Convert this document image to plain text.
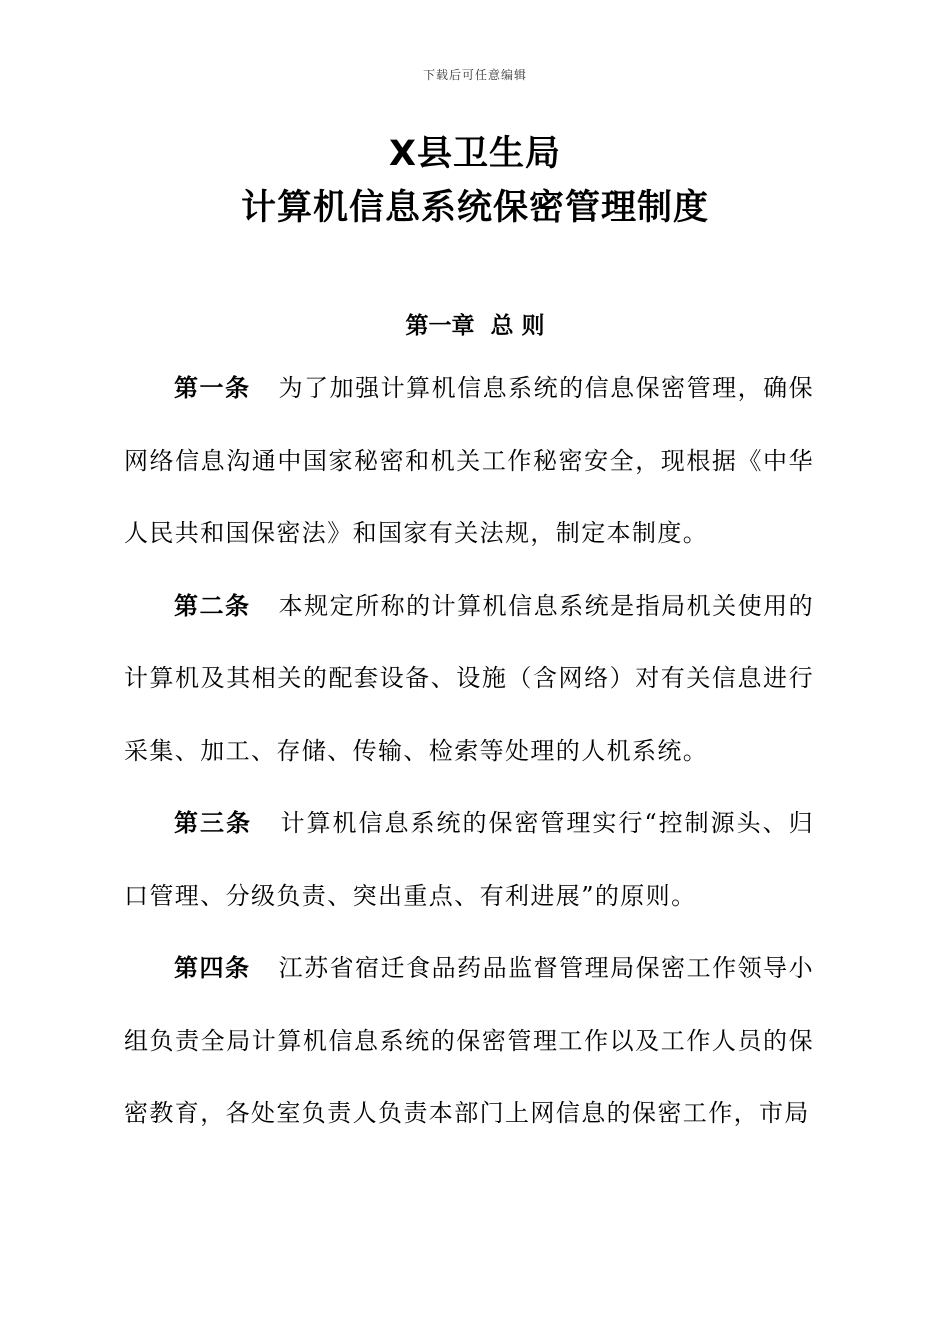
下载后可任意编辑
X县卫生局
计算机信息系统保密管理制度
第一章 总 则

第一条 为了加强计算机信息系统的信息保密管理，确保网络信息沟通中国家秘密和机关工作秘密安全，现根据《中华人民共和国保密法》和国家有关法规，制定本制度。

第二条 本规定所称的计算机信息系统是指局机关使用的计算机及其相关的配套设备、设施（含网络）对有关信息进行采集、加工、存储、传输、检索等处理的人机系统。

第三条 计算机信息系统的保密管理实行“控制源头、归口管理、分级负责、突出重点、有利进展”的原则。

第四条 江苏省宿迁食品药品监督管理局保密工作领导小组负责全局计算机信息系统的保密管理工作以及工作人员的保密教育，各处室负责人负责本部门上网信息的保密工作，市局
